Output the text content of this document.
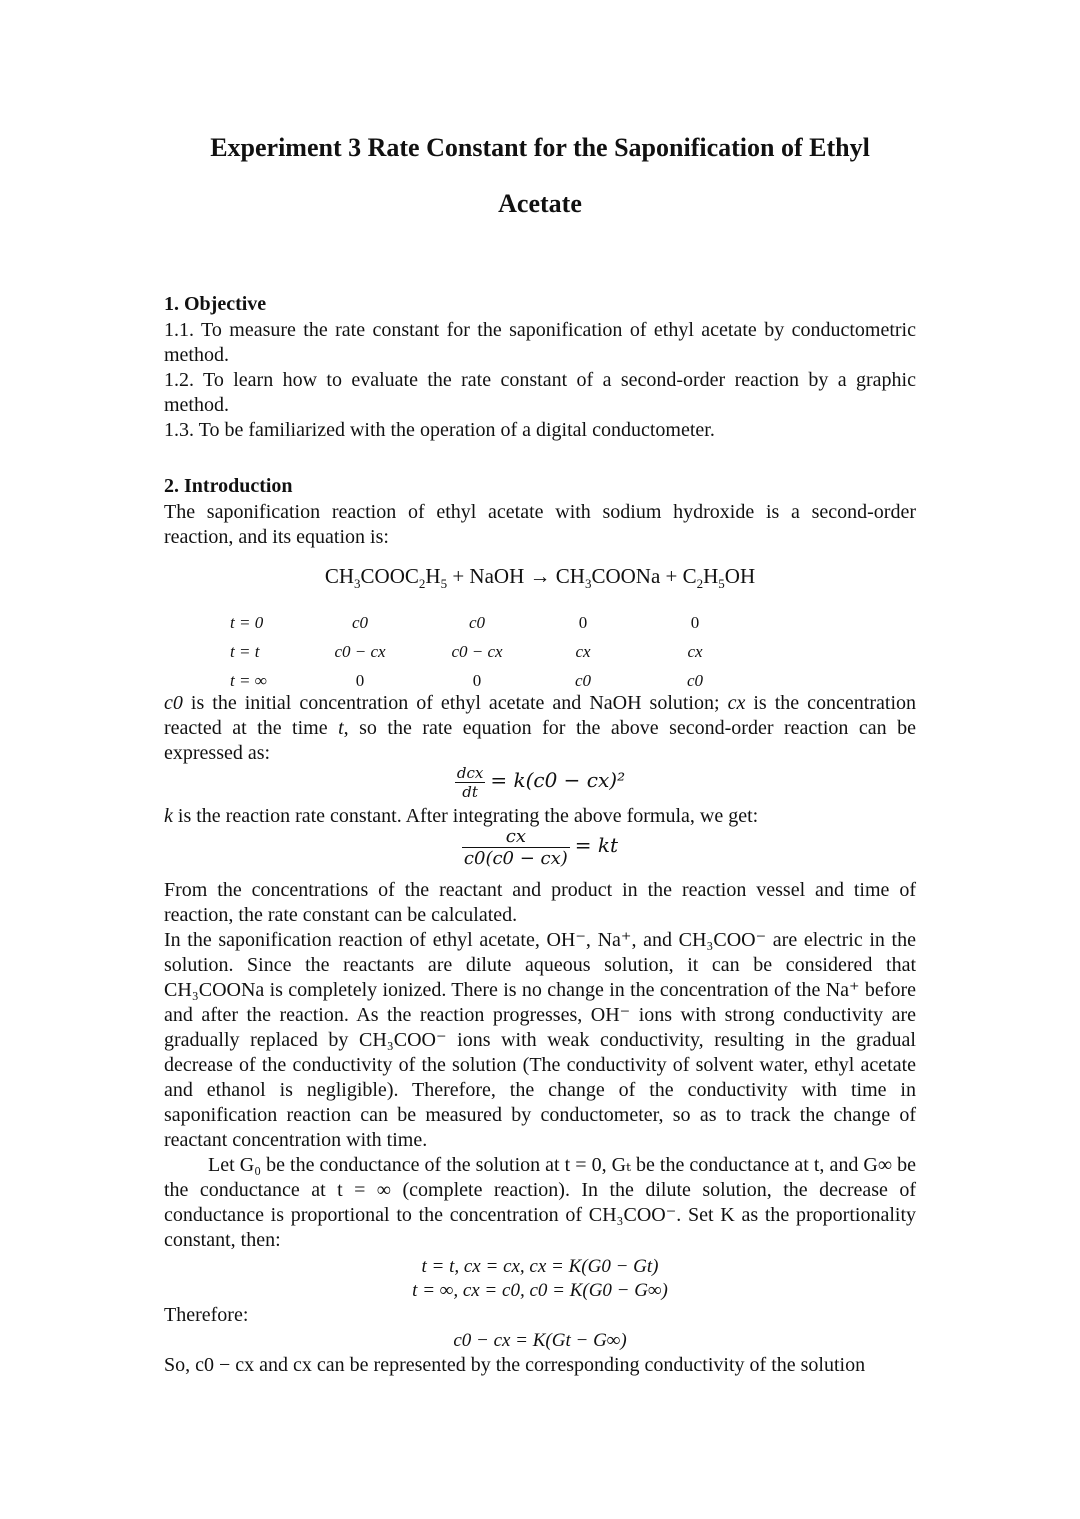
Experiment 3 Rate Constant for the Saponification of Ethyl
Acetate
1. Objective
1.1. To measure the rate constant for the saponification of ethyl acetate by conductometric method.
1.2. To learn how to evaluate the rate constant of a second-order reaction by a graphic method.
1.3. To be familiarized with the operation of a digital conductometer.
2. Introduction
The saponification reaction of ethyl acetate with sodium hydroxide is a second-order reaction, and its equation is:
$CH_3COOC_2H_5$ + NaOH → $CH_3COONa + C_2H_5OH$
t = 0	c0	c0	0	0
t = t	c0 − cx	c0 − cx	cx	cx
t = ∞	0	0	c0	c0
c0 is the initial concentration of ethyl acetate and NaOH solution; cx is the concentration reacted at the time t, so the rate equation for the above second-order reaction can be expressed as:
$\frac{\text{dcx}}{dt} = k(c0 - cx)^2$
k is the reaction rate constant. After integrating the above formula, we get:
$\frac{cx}{c0(c0 - cx)}$ = kt
From the concentrations of the reactant and product in the reaction vessel and time of reaction, the rate constant can be calculated.
In the saponification reaction of ethyl acetate, OH⁻, Na⁺, and CH₃COO⁻ are electric in the solution. Since the reactants are dilute aqueous solution, it can be considered that CH₃COONa is completely ionized. There is no change in the concentration of the Na⁺ before and after the reaction. As the reaction progresses, OH⁻ ions with strong conductivity are gradually replaced by CH₃COO⁻ ions with weak conductivity, resulting in the gradual decrease of the conductivity of the solution (The conductivity of solvent water, ethyl acetate and ethanol is negligible). Therefore, the change of the conductivity with time in saponification reaction can be measured by conductometer, so as to track the change of reactant concentration with time.
Let G₀ be the conductance of the solution at t = 0, Gₜ be the conductance at t, and G∞ be the conductance at t = ∞ (complete reaction). In the dilute solution, the decrease of conductance is proportional to the concentration of CH₃COO⁻. Set K as the proportionality constant, then:
t = t, cx = cx, cx = K(G0 − Gt)
t = ∞, cx = c0, c0 = K(G0 − G∞)
Therefore:
c0 − cx = K(Gt − G∞)
So, c0 − cx and cx can be represented by the corresponding conductivity of the solution
